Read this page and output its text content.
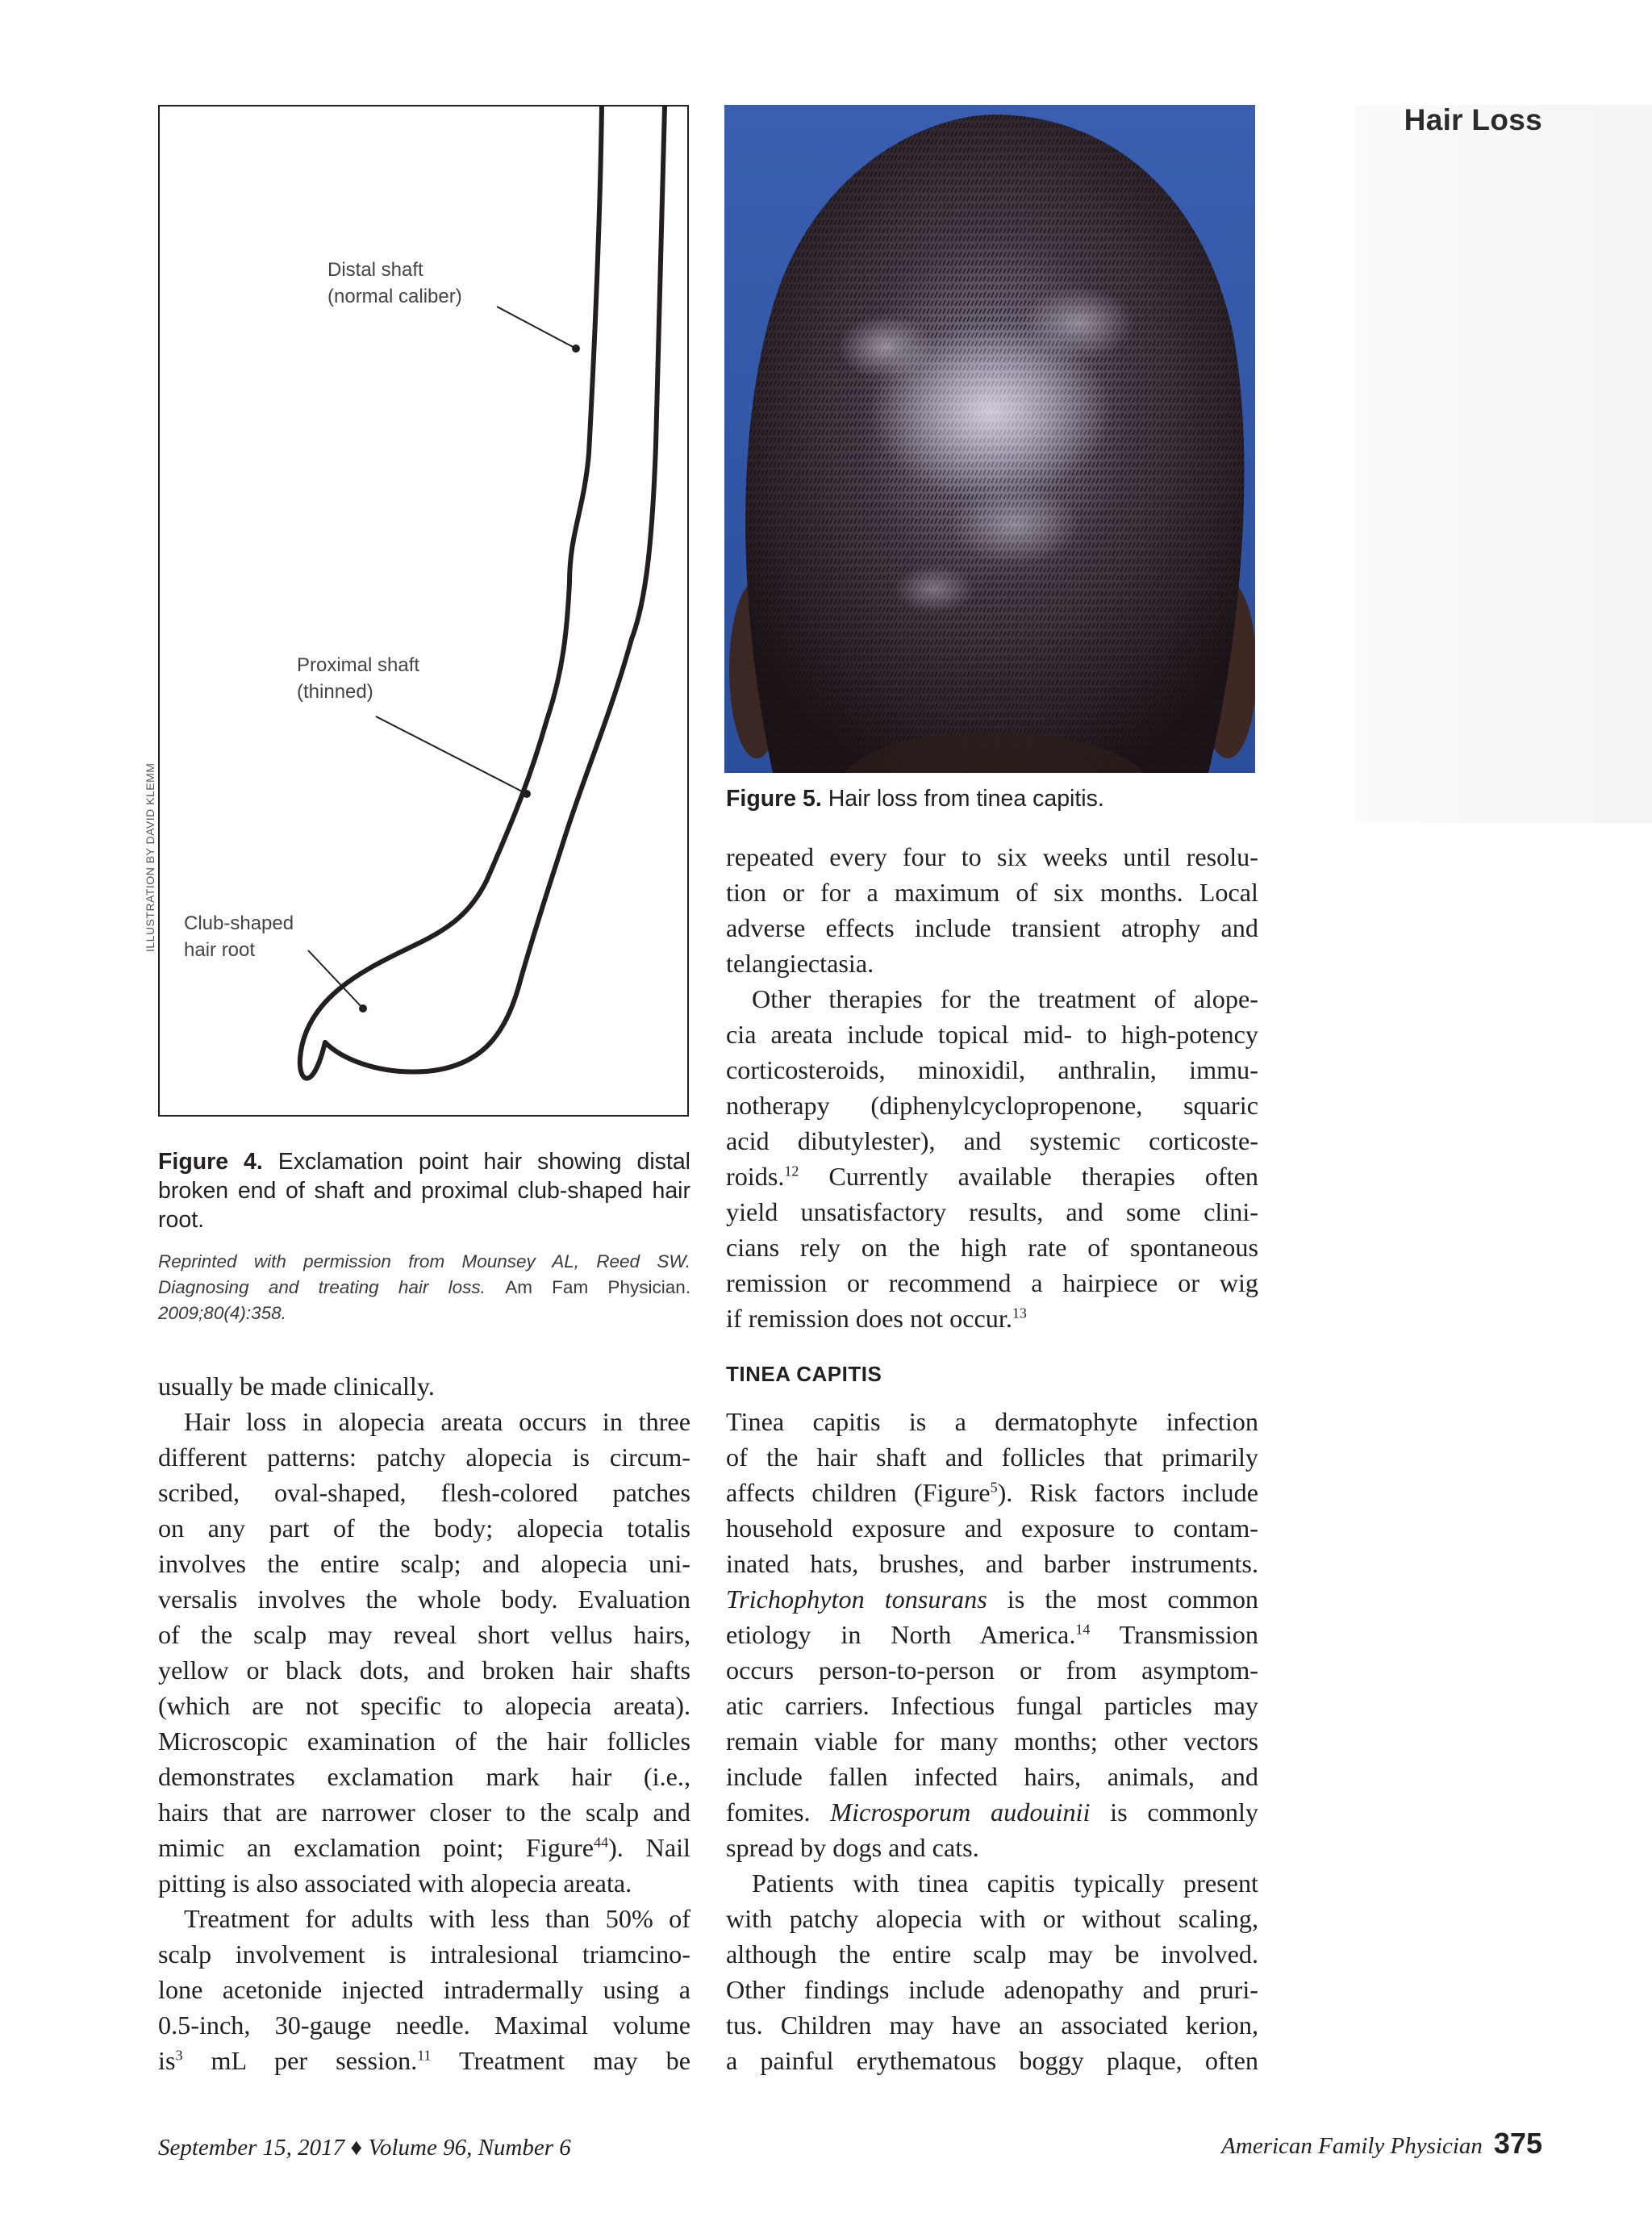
Hair Loss
Distal shaft
(normal caliber)
Proximal shaft
(thinned)
Club-shaped
hair root
ILLUSTRATION BY DAVID KLEMM
Figure 4. Exclamation point hair showing distal broken end of shaft and proximal club-shaped hair root.
Reprinted with permission from Mounsey AL, Reed SW. Diagnosing and treating hair loss. Am Fam Physician. 2009;80(4):358.
Figure 5. Hair loss from tinea capitis.

usually be made clinically.

Hair loss in alopecia areata occurs in three
different patterns: patchy alopecia is circum-
scribed, oval-shaped, flesh-colored patches
on any part of the body; alopecia totalis
involves the entire scalp; and alopecia uni-
versalis involves the whole body. Evaluation
of the scalp may reveal short vellus hairs,
yellow or black dots, and broken hair shafts
(which are not specific to alopecia areata).
Microscopic examination of the hair follicles
demonstrates exclamation mark hair (i.e.,
hairs that are narrower closer to the scalp and
mimic an exclamation point; Figure$^{44}$). Nail
pitting is also associated with alopecia areata.

Treatment for adults with less than 50% of
scalp involvement is intralesional triamcino-
lone acetonide injected intradermally using a
0.5-inch, 30-gauge needle. Maximal volume
$is^3$ mL per session.$^{11}$ Treatment may be

repeated every four to six weeks until resolu-
tion or for a maximum of six months. Local
adverse effects include transient atrophy and
telangiectasia.

Other therapies for the treatment of alope-
cia areata include topical mid- to high-potency
corticosteroids, minoxidil, anthralin, immu-
notherapy (diphenylcyclopropenone, squaric
acid dibutylester), and systemic corticoste-
roids.$^{12}$ Currently available therapies often
yield unsatisfactory results, and some clini-
cians rely on the high rate of spontaneous
remission or recommend a hairpiece or wig
if remission does not occur.$^{13}$

TINEA CAPITIS

Tinea capitis is a dermatophyte infection
of the hair shaft and follicles that primarily
affects children (Figure$^5$). Risk factors include
household exposure and exposure to contam-
inated hats, brushes, and barber instruments.
Trichophyton tonsurans is the most common
etiology in North America.$^{14}$ Transmission
occurs person-to-person or from asymptom-
atic carriers. Infectious fungal particles may
remain viable for many months; other vectors
include fallen infected hairs, animals, and
fomites. Microsporum audouinii is commonly
spread by dogs and cats.

Patients with tinea capitis typically present
with patchy alopecia with or without scaling,
although the entire scalp may be involved.
Other findings include adenopathy and pruri-
tus. Children may have an associated kerion,
a painful erythematous boggy plaque, often

September 15, 2017 ♦ Volume 96, Number 6	American Family Physician 375
